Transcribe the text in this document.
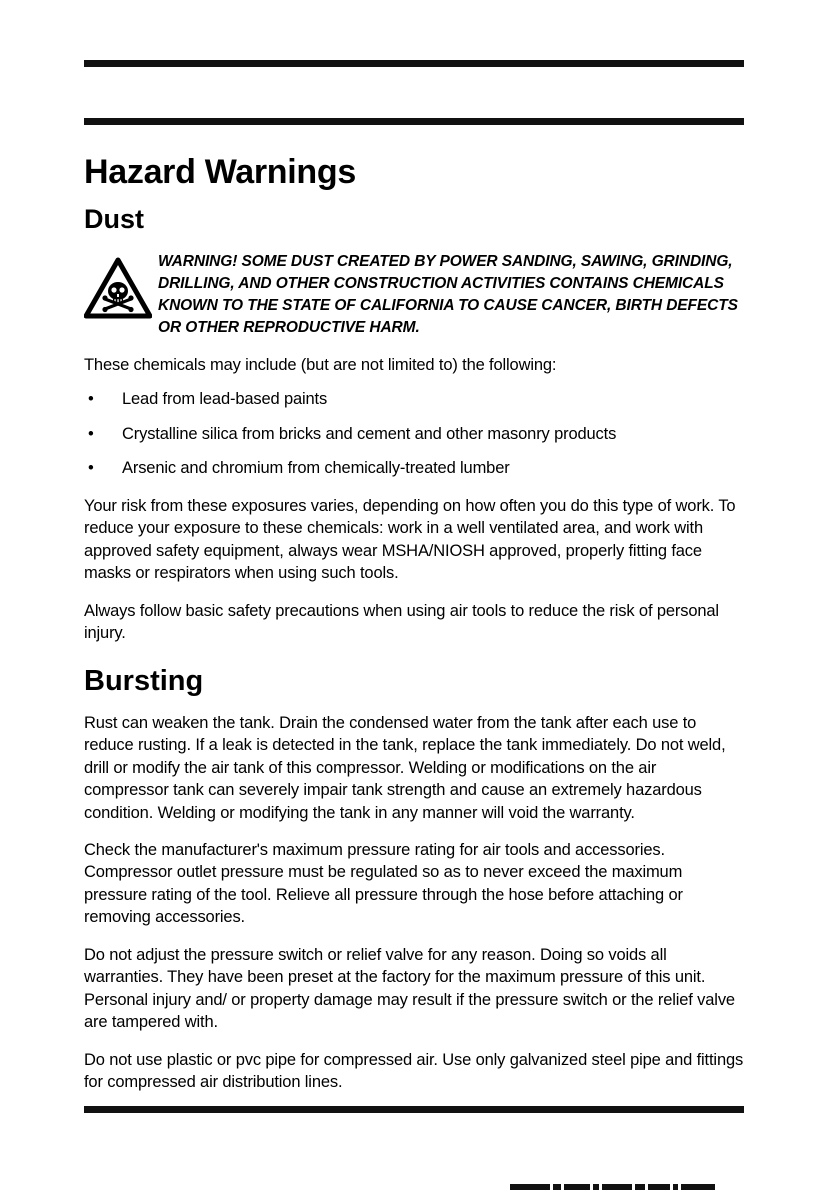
Hazard Warnings
Dust
WARNING! SOME DUST CREATED BY POWER SANDING, SAWING, GRINDING, DRILLING, AND OTHER CONSTRUCTION ACTIVITIES CONTAINS CHEMICALS KNOWN TO THE STATE OF CALIFORNIA TO CAUSE CANCER, BIRTH DEFECTS OR OTHER REPRODUCTIVE HARM.

These chemicals may include (but are not limited to) the following:

• Lead from lead-based paints
• Crystalline silica from bricks and cement and other masonry products
• Arsenic and chromium from chemically-treated lumber

Your risk from these exposures varies, depending on how often you do this type of work. To reduce your exposure to these chemicals: work in a well ventilated area, and work with approved safety equipment, always wear MSHA/NIOSH approved, properly fitting face masks or respirators when using such tools.

Always follow basic safety precautions when using air tools to reduce the risk of personal injury.

Bursting

Rust can weaken the tank. Drain the condensed water from the tank after each use to reduce rusting. If a leak is detected in the tank, replace the tank immediately. Do not weld, drill or modify the air tank of this compressor. Welding or modifications on the air compressor tank can severely impair tank strength and cause an extremely hazardous condition. Welding or modifying the tank in any manner will void the warranty.

Check the manufacturer's maximum pressure rating for air tools and accessories. Compressor outlet pressure must be regulated so as to never exceed the maximum pressure rating of the tool. Relieve all pressure through the hose before attaching or removing accessories.

Do not adjust the pressure switch or relief valve for any reason. Doing so voids all warranties. They have been preset at the factory for the maximum pressure of this unit. Personal injury and/ or property damage may result if the pressure switch or the relief valve are tampered with.

Do not use plastic or pvc pipe for compressed air. Use only galvanized steel pipe and fittings for compressed air distribution lines.
